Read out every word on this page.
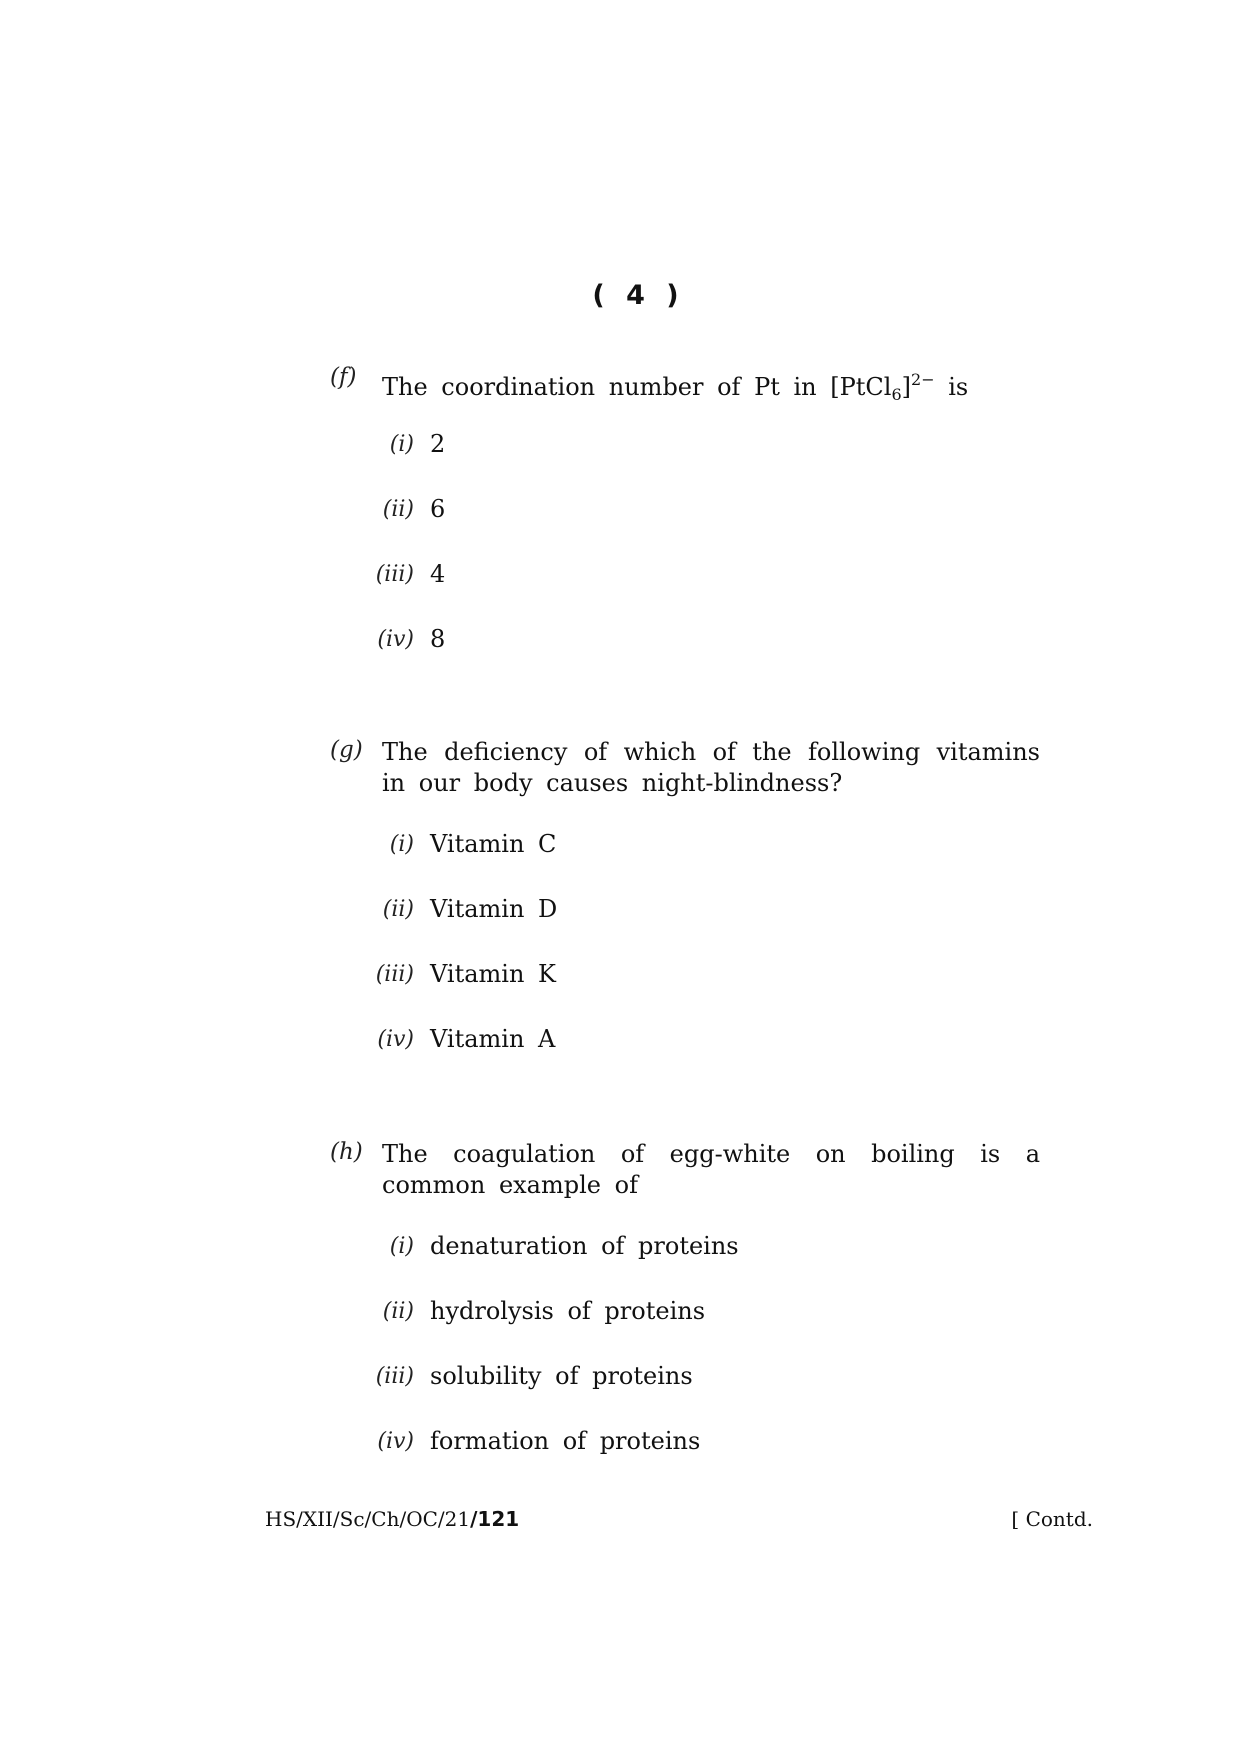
( 4 )
(f) The coordination number of Pt in [PtCl$_6$]$^{2-}$ is
(i) 2
(ii) 6
(iii) 4
(iv) 8
(g) The deficiency of which of the following vitamins in our body causes night-blindness?
(i) Vitamin C
(ii) Vitamin D
(iii) Vitamin K
(iv) Vitamin A
(h) The coagulation of egg-white on boiling is a common example of
(i) denaturation of proteins
(ii) hydrolysis of proteins
(iii) solubility of proteins
(iv) formation of proteins
HS/XII/Sc/Ch/OC/21/121	[ Contd.
